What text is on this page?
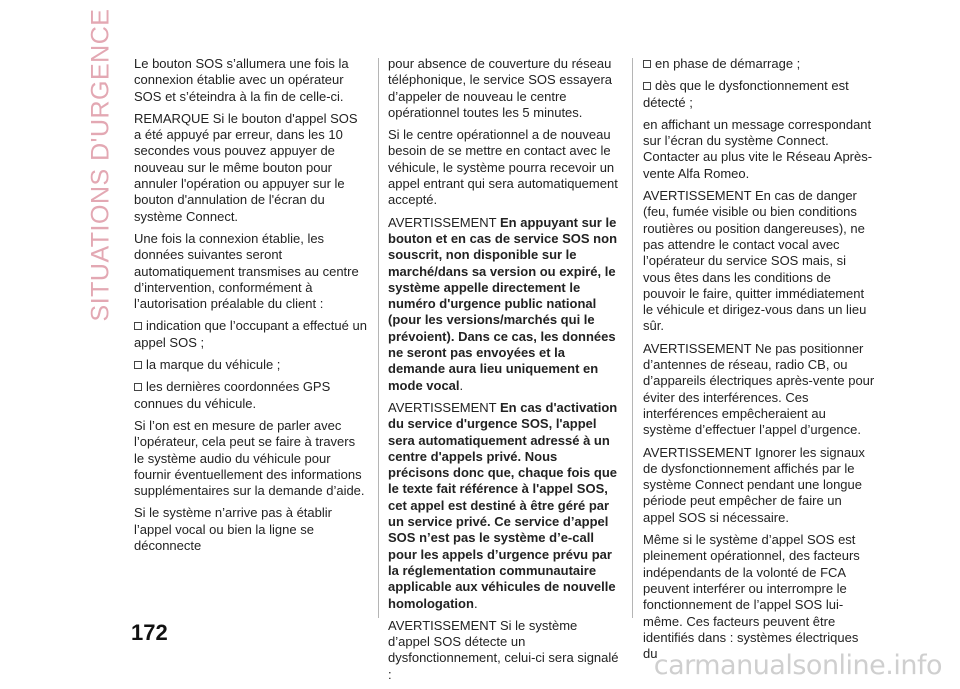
SITUATIONS D'URGENCE Le bouton SOS s’allumera une fois la connexion établie avec un opérateur SOS et s’éteindra à la fin de celle-ci.

REMARQUE Si le bouton d'appel SOS a été appuyé par erreur, dans les 10 secondes vous pouvez appuyer de nouveau sur le même bouton pour annuler l'opération ou appuyer sur le bouton d'annulation de l'écran du système Connect.

Une fois la connexion établie, les données suivantes seront automatiquement transmises au centre d’intervention, conformément à l’autorisation préalable du client :

indication que l’occupant a effectué un appel SOS ;

la marque du véhicule ;

les dernières coordonnées GPS connues du véhicule.

Si l’on est en mesure de parler avec l’opérateur, cela peut se faire à travers le système audio du véhicule pour fournir éventuellement des informations supplémentaires sur la demande d’aide.

Si le système n’arrive pas à établir l’appel vocal ou bien la ligne se déconnecte

pour absence de couverture du réseau téléphonique, le service SOS essayera d’appeler de nouveau le centre opérationnel toutes les 5 minutes.

Si le centre opérationnel a de nouveau besoin de se mettre en contact avec le véhicule, le système pourra recevoir un appel entrant qui sera automatiquement accepté.

AVERTISSEMENT En appuyant sur le bouton et en cas de service SOS non souscrit, non disponible sur le marché/dans sa version ou expiré, le système appelle directement le numéro d'urgence public national (pour les versions/marchés qui le prévoient). Dans ce cas, les données ne seront pas envoyées et la demande aura lieu uniquement en mode vocal.

AVERTISSEMENT En cas d'activation du service d'urgence SOS, l'appel sera automatiquement adressé à un centre d'appels privé. Nous précisons donc que, chaque fois que le texte fait référence à l'appel SOS, cet appel est destiné à être géré par un service privé. Ce service d’appel SOS n’est pas le système d’e-call pour les appels d’urgence prévu par la réglementation communautaire applicable aux véhicules de nouvelle homologation.

AVERTISSEMENT Si le système d’appel SOS détecte un dysfonctionnement, celui-ci sera signalé :

en phase de démarrage ;

dès que le dysfonctionnement est détecté ;

en affichant un message correspondant sur l’écran du système Connect. Contacter au plus vite le Réseau Après-vente Alfa Romeo.

AVERTISSEMENT En cas de danger (feu, fumée visible ou bien conditions routières ou position dangereuses), ne pas attendre le contact vocal avec l’opérateur du service SOS mais, si vous êtes dans les conditions de pouvoir le faire, quitter immédiatement le véhicule et dirigez-vous dans un lieu sûr.

AVERTISSEMENT Ne pas positionner d’antennes de réseau, radio CB, ou d’appareils électriques après-vente pour éviter des interférences. Ces interférences empêcheraient au système d’effectuer l’appel d’urgence.

AVERTISSEMENT Ignorer les signaux de dysfonctionnement affichés par le système Connect pendant une longue période peut empêcher de faire un appel SOS si nécessaire.

Même si le système d’appel SOS est pleinement opérationnel, des facteurs indépendants de la volonté de FCA peuvent interférer ou interrompre le fonctionnement de l’appel SOS lui-même. Ces facteurs peuvent être identifiés dans : systèmes électriques du

172
carmanualsonline.info
